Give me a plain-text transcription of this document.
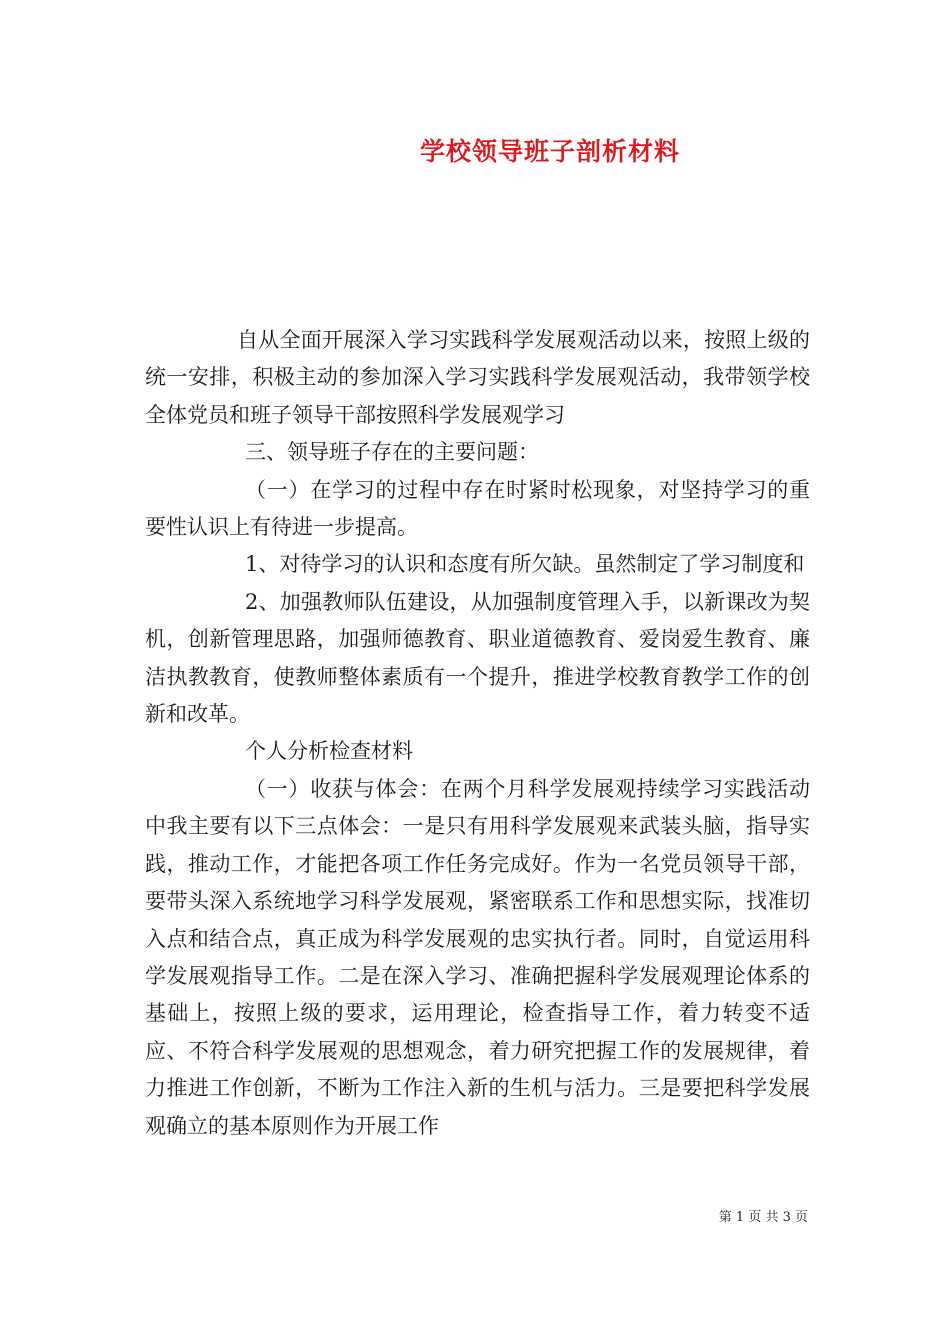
学校领导班子剖析材料

自从全面开展深入学习实践科学发展观活动以来，按照上级的统一安排，积极主动的参加深入学习实践科学发展观活动，我带领学校全体党员和班子领导干部按照科学发展观学习

三、领导班子存在的主要问题：

（一）在学习的过程中存在时紧时松现象，对坚持学习的重要性认识上有待进一步提高。

1、对待学习的认识和态度有所欠缺。虽然制定了学习制度和

2、加强教师队伍建设，从加强制度管理入手，以新课改为契机，创新管理思路，加强师德教育、职业道德教育、爱岗爱生教育、廉洁执教教育，使教师整体素质有一个提升，推进学校教育教学工作的创新和改革。

个人分析检查材料

（一）收获与体会：在两个月科学发展观持续学习实践活动中我主要有以下三点体会：一是只有用科学发展观来武装头脑，指导实践，推动工作，才能把各项工作任务完成好。作为一名党员领导干部，要带头深入系统地学习科学发展观，紧密联系工作和思想实际，找准切入点和结合点，真正成为科学发展观的忠实执行者。同时，自觉运用科学发展观指导工作。二是在深入学习、准确把握科学发展观理论体系的基础上，按照上级的要求，运用理论，检查指导工作，着力转变不适应、不符合科学发展观的思想观念，着力研究把握工作的发展规律，着力推进工作创新，不断为工作注入新的生机与活力。三是要把科学发展观确立的基本原则作为开展工作

第 1 页 共 3 页
